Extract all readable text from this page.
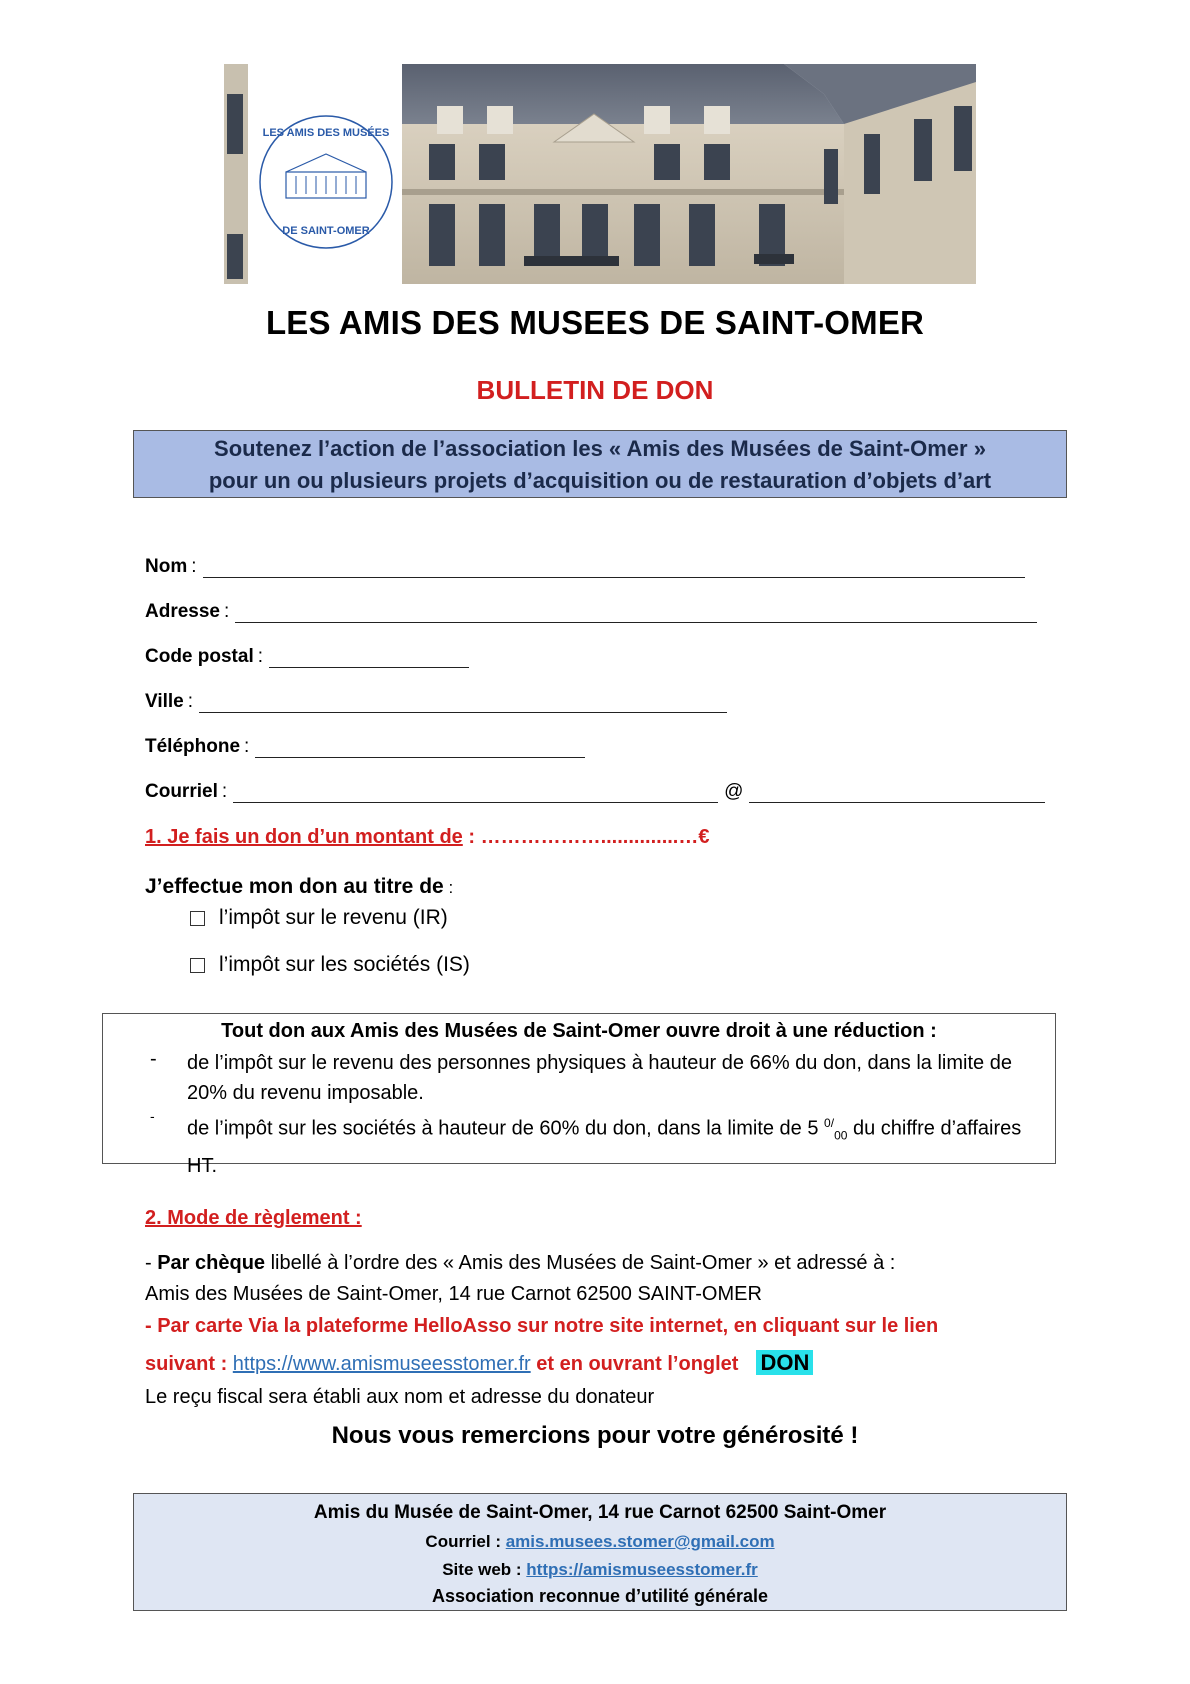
LES AMIS DES MUSÉES
DE SAINT-OMER
LES AMIS DES MUSEES DE SAINT-OMER
BULLETIN DE DON
Soutenez l’action de l’association les « Amis des Musées de Saint-Omer »
pour un ou plusieurs projets d’acquisition ou de restauration d’objets d’art
Nom :
Adresse :
Code postal :
Ville :
Téléphone :
Courriel :	@
1. Je fais un don d’un montant de : ………………..............…€
J’effectue mon don au titre de :
l’impôt sur le revenu (IR)
l’impôt sur les sociétés (IS)
Tout don aux Amis des Musées de Saint-Omer ouvre droit à une réduction :
- de l’impôt sur le revenu des personnes physiques à hauteur de 66% du don, dans la limite de 20% du revenu imposable.
-
de l’impôt sur les sociétés à hauteur de 60% du don, dans la limite de 5 $^{0/}_{00}$ du chiffre d’affaires HT.
2. Mode de règlement :
- Par chèque libellé à l’ordre des « Amis des Musées de Saint-Omer » et adressé à :
Amis des Musées de Saint-Omer, 14 rue Carnot 62500 SAINT-OMER
- Par carte Via la plateforme HelloAsso sur notre site internet, en cliquant sur le lien
suivant : https://www.amismuseesstomer.fr et en ouvrant l’onglet DON
Le reçu fiscal sera établi aux nom et adresse du donateur
Nous vous remercions pour votre générosité !
Amis du Musée de Saint-Omer, 14 rue Carnot 62500 Saint-Omer
Courriel : amis.musees.stomer@gmail.com
Site web : https://amismuseesstomer.fr
Association reconnue d’utilité générale
